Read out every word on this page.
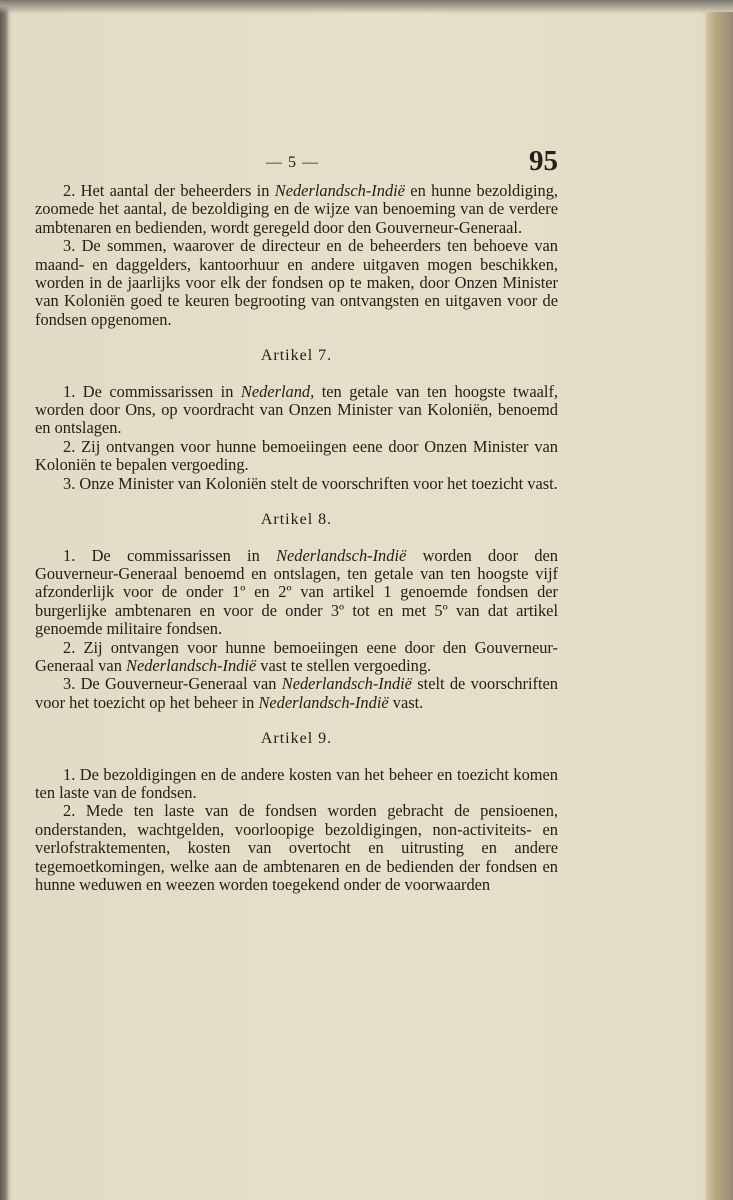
— 5 —	95

2. Het aantal der beheerders in Nederlandsch-Indië en hunne bezoldiging, zoomede het aantal, de bezoldiging en de wijze van benoeming van de verdere ambtenaren en bedienden, wordt geregeld door den Gouverneur-Generaal.

3. De sommen, waarover de directeur en de beheerders ten behoeve van maand- en daggelders, kantoorhuur en andere uitgaven mogen beschikken, worden in de jaarlijks voor elk der fondsen op te maken, door Onzen Minister van Koloniën goed te keuren begrooting van ontvangsten en uitgaven voor de fondsen opgenomen.

Artikel 7.

1. De commissarissen in Nederland, ten getale van ten hoogste twaalf, worden door Ons, op voordracht van Onzen Minister van Koloniën, benoemd en ontslagen.

2. Zij ontvangen voor hunne bemoeiingen eene door Onzen Minister van Koloniën te bepalen vergoeding.

3. Onze Minister van Koloniën stelt de voorschriften voor het toezicht vast.

Artikel 8.

1. De commissarissen in Nederlandsch-Indië worden door den Gouverneur-Generaal benoemd en ontslagen, ten getale van ten hoogste vijf afzonderlijk voor de onder 1º en 2º van artikel 1 genoemde fondsen der burgerlijke ambtenaren en voor de onder 3º tot en met 5º van dat artikel genoemde militaire fondsen.

2. Zij ontvangen voor hunne bemoeiingen eene door den Gouverneur-Generaal van Nederlandsch-Indië vast te stellen vergoeding.

3. De Gouverneur-Generaal van Nederlandsch-Indië stelt de voorschriften voor het toezicht op het beheer in Nederlandsch-Indië vast.

Artikel 9.

1. De bezoldigingen en de andere kosten van het beheer en toezicht komen ten laste van de fondsen.

2. Mede ten laste van de fondsen worden gebracht de pensioenen, onderstanden, wachtgelden, voorloopige bezoldigingen, non-activiteits- en verlofstraktementen, kosten van overtocht en uitrusting en andere tegemoetkomingen, welke aan de ambtenaren en de bedienden der fondsen en hunne weduwen en weezen worden toegekend onder de voorwaarden
